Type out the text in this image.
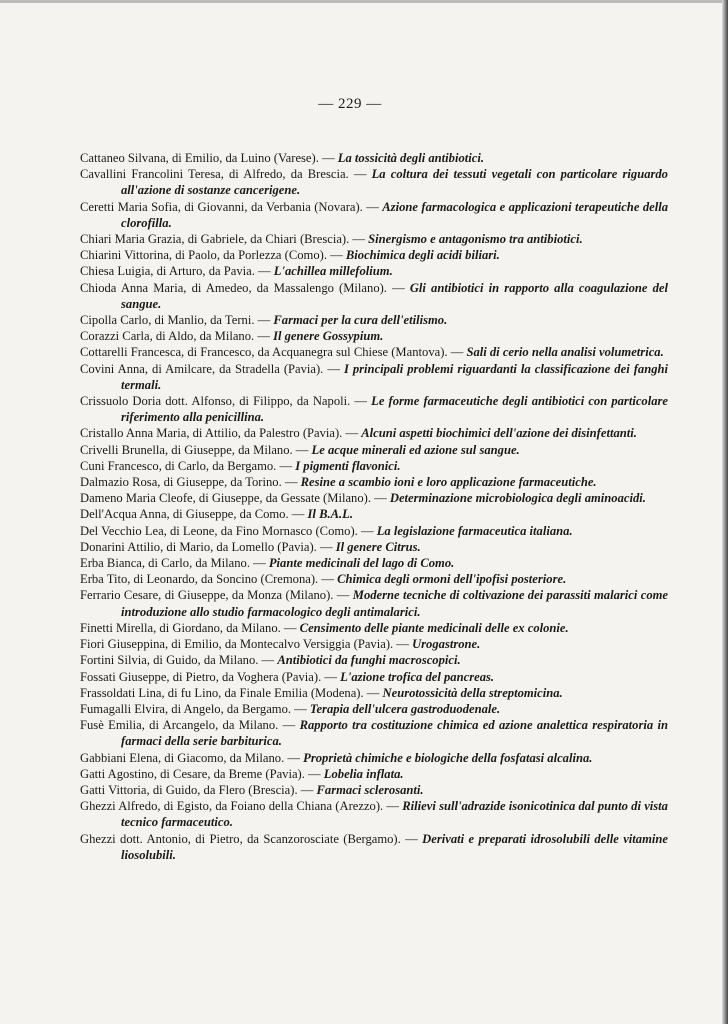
— 229 —

Cattaneo Silvana, di Emilio, da Luino (Varese). — La tossicità degli antibiotici.

Cavallini Francolini Teresa, di Alfredo, da Brescia. — La coltura dei tessuti vegetali con particolare riguardo all'azione di sostanze cancerigene.

Ceretti Maria Sofia, di Giovanni, da Verbania (Novara). — Azione farmacologica e applicazioni terapeutiche della clorofilla.

Chiari Maria Grazia, di Gabriele, da Chiari (Brescia). — Sinergismo e antagonismo tra antibiotici.

Chiarini Vittorina, di Paolo, da Porlezza (Como). — Biochimica degli acidi biliari.

Chiesa Luigia, di Arturo, da Pavia. — L'achillea millefolium.

Chioda Anna Maria, di Amedeo, da Massalengo (Milano). — Gli antibiotici in rapporto alla coagulazione del sangue.

Cipolla Carlo, di Manlio, da Terni. — Farmaci per la cura dell'etilismo.

Corazzi Carla, di Aldo, da Milano. — Il genere Gossypium.

Cottarelli Francesca, di Francesco, da Acquanegra sul Chiese (Mantova). — Sali di cerio nella analisi volumetrica.

Covini Anna, di Amilcare, da Stradella (Pavia). — I principali problemi riguardanti la classificazione dei fanghi termali.

Crissuolo Doria dott. Alfonso, di Filippo, da Napoli. — Le forme farmaceutiche degli antibiotici con particolare riferimento alla penicillina.

Cristallo Anna Maria, di Attilio, da Palestro (Pavia). — Alcuni aspetti biochimici dell'azione dei disinfettanti.

Crivelli Brunella, di Giuseppe, da Milano. — Le acque minerali ed azione sul sangue.

Cuni Francesco, di Carlo, da Bergamo. — I pigmenti flavonici.

Dalmazio Rosa, di Giuseppe, da Torino. — Resine a scambio ioni e loro applicazione farmaceutiche.

Dameno Maria Cleofe, di Giuseppe, da Gessate (Milano). — Determinazione microbiologica degli aminoacidi.

Dell'Acqua Anna, di Giuseppe, da Como. — Il B.A.L.

Del Vecchio Lea, di Leone, da Fino Mornasco (Como). — La legislazione farmaceutica italiana.

Donarini Attilio, di Mario, da Lomello (Pavia). — Il genere Citrus.

Erba Bianca, di Carlo, da Milano. — Piante medicinali del lago di Como.

Erba Tito, di Leonardo, da Soncino (Cremona). — Chimica degli ormoni dell'ipofisi posteriore.

Ferrario Cesare, di Giuseppe, da Monza (Milano). — Moderne tecniche di coltivazione dei parassiti malarici come introduzione allo studio farmacologico degli antimalarici.

Finetti Mirella, di Giordano, da Milano. — Censimento delle piante medicinali delle ex colonie.

Fiori Giuseppina, di Emilio, da Montecalvo Versiggia (Pavia). — Urogastrone.

Fortini Silvia, di Guido, da Milano. — Antibiotici da funghi macroscopici.

Fossati Giuseppe, di Pietro, da Voghera (Pavia). — L'azione trofica del pancreas.

Frassoldati Lina, di fu Lino, da Finale Emilia (Modena). — Neurotossicità della streptomicina.

Fumagalli Elvira, di Angelo, da Bergamo. — Terapia dell'ulcera gastroduodenale.

Fusè Emilia, di Arcangelo, da Milano. — Rapporto tra costituzione chimica ed azione analettica respiratoria in farmaci della serie barbiturica.

Gabbiani Elena, di Giacomo, da Milano. — Proprietà chimiche e biologiche della fosfatasi alcalina.

Gatti Agostino, di Cesare, da Breme (Pavia). — Lobelia inflata.

Gatti Vittoria, di Guido, da Flero (Brescia). — Farmaci sclerosanti.

Ghezzi Alfredo, di Egisto, da Foiano della Chiana (Arezzo). — Rilievi sull'adrazide isonicotinica dal punto di vista tecnico farmaceutico.

Ghezzi dott. Antonio, di Pietro, da Scanzorosciate (Bergamo). — Derivati e preparati idrosolubili delle vitamine liosolubili.
